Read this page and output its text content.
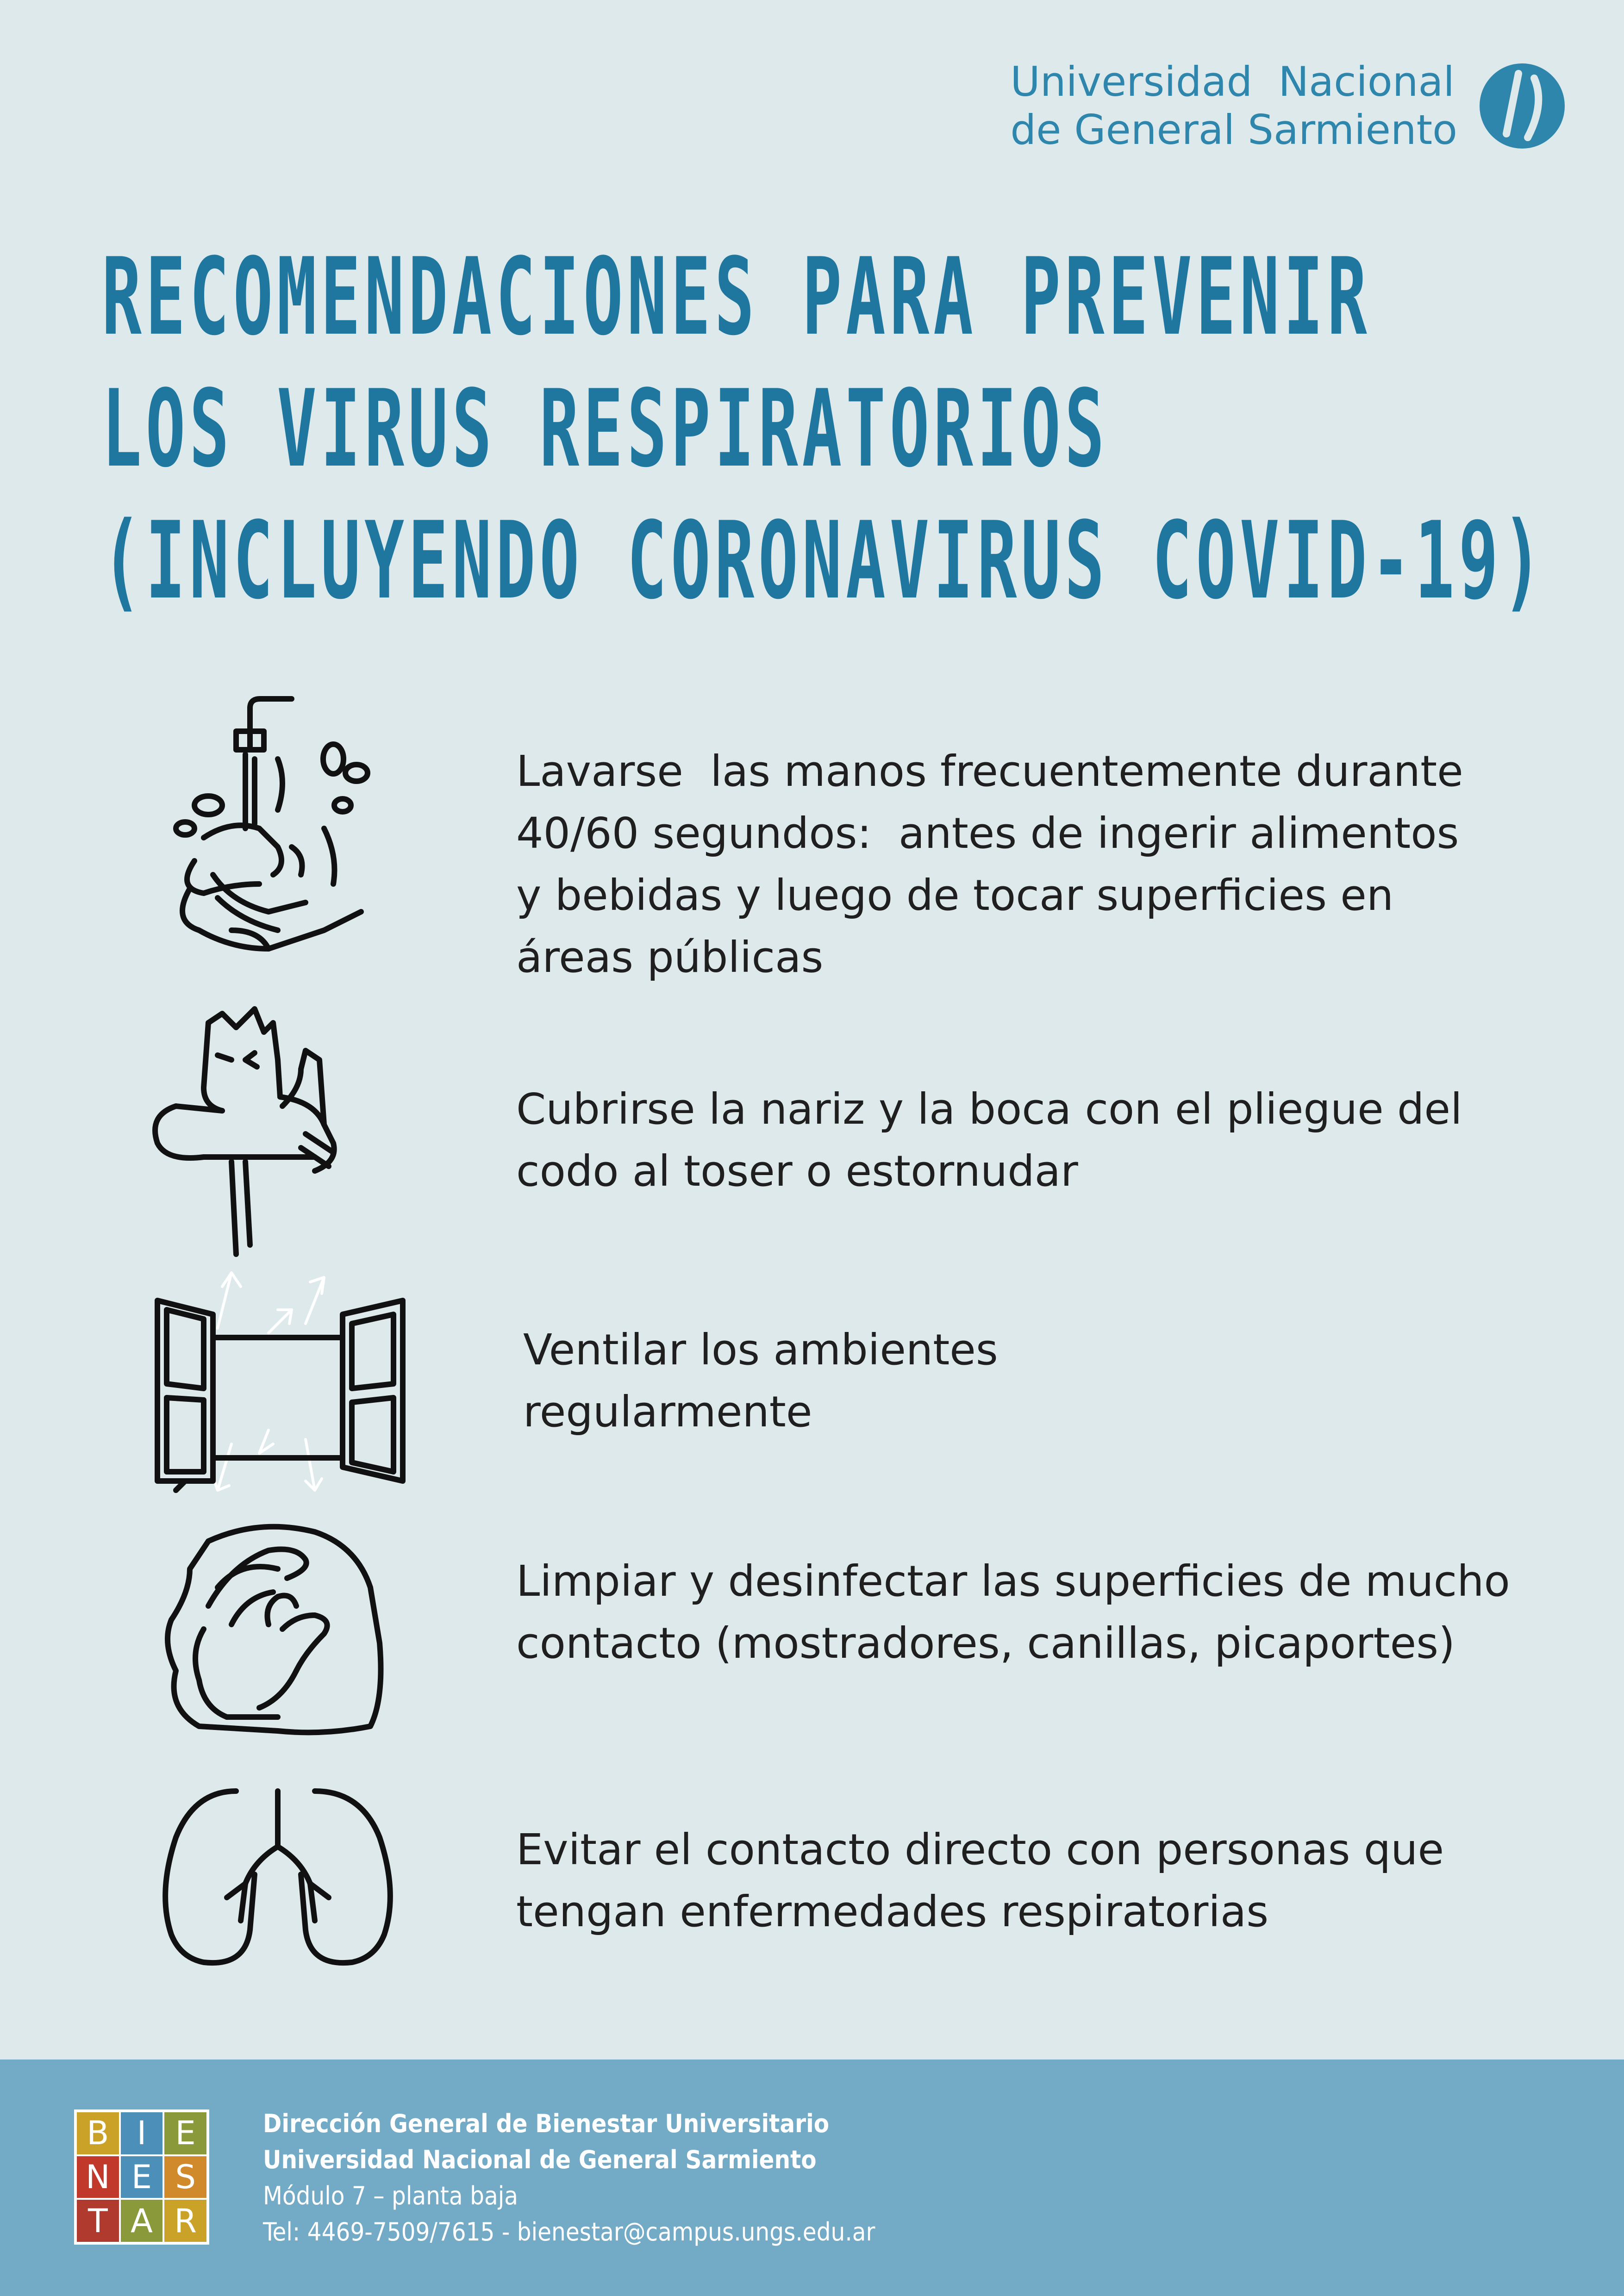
Universidad  Nacional
de General Sarmiento
RECOMENDACIONES PARA PREVENIR
LOS VIRUS RESPIRATORIOS
(INCLUYENDO CORONAVIRUS COVID-19)
Lavarse  las manos frecuentemente durante
40/60 segundos:  antes de ingerir alimentos
y bebidas y luego de tocar superficies en
áreas públicas
Cubrirse la nariz y la boca con el pliegue del
codo al toser o estornudar
Ventilar los ambientes
regularmente
Limpiar y desinfectar las superficies de mucho
contacto (mostradores, canillas, picaportes)
Evitar el contacto directo con personas que
tengan enfermedades respiratorias
B I E
N E S
T A R
Dirección General de Bienestar Universitario
Universidad Nacional de General Sarmiento
Módulo 7 – planta baja
Tel: 4469-7509/7615 - bienestar@campus.ungs.edu.ar
